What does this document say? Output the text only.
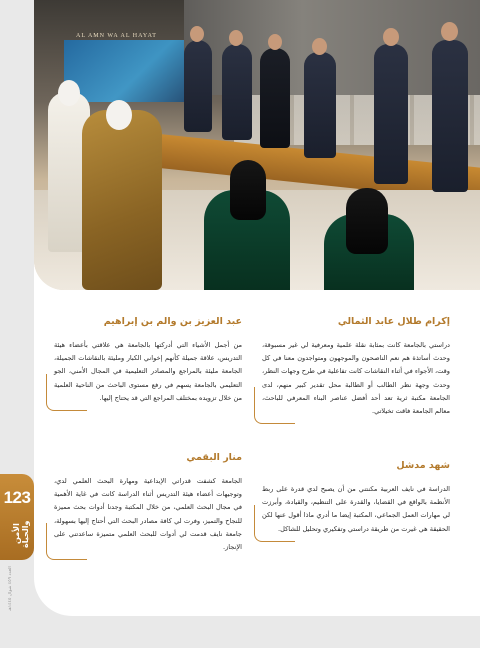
AL AMN WA AL HAYAT
إكرام طلال عابد الثمالي

دراستي بالجامعة كانت بمثابة نقلة علمية ومعرفية لي غير مسبوقة، وحدث أساتذة هم نعم الناصحون والموجهون ومتواجدون معنا في كل وقت، الأجواء في أثناء النقاشات كانت تفاعلية في طرح وجهات النظر، وحدث وجهة نظر الطالب أو الطالبة محل تقدير كبير منهم، لدى الجامعة مكتبة ثرية تعد أحد أفضل عناصر البناء المعرفي للباحث، معالم الجامعة فاقت تخيلاتي.

عبد العزيز بن والم بن إبراهيم

من أجمل الأشياء التي أدركتها بالجامعة هي علاقتي بأعضاء هيئة التدريس، علاقة جميلة كأنهم إخواني الكبار ومليئة بالنقاشات الجميلة، الجامعة مليئة بالمراجع والمصادر التعليمية في المجال الأمني، الجو التعليمي بالجامعة يسهم في رفع مستوى الباحث من الناحية العلمية من خلال تزويده بمختلف المراجع التي قد يحتاج إليها.

شهد مدشل

الدراسة في نايف العربية مكنتني من أن يصبح لدي قدرة على ربط الأنظمة بالواقع في القضايا، والقدرة على التنظيم، والقيادة، وأبرزت لي مهارات العمل الجماعي، المكتبة إيضا ما أدري ماذا أقول عنها لكن الحقيقة هي غيرت من طريقة دراستي وتفكيري وتحليل للشاكل.

منار البقمي

الجامعة كشفت قدراتي الإبداعية ومهارة البحث العلمي لدي، وتوجيهات أعضاء هيئة التدريس أثناء الدراسة كانت في غاية الأهمية في مجال البحث العلمي، من خلال المكتبة وجدنا أدوات بحث مميزة للنجاح والتميز، وفرت لي كافة مصادر البحث التي أحتاج إليها بسهولة، جامعة نايف قدمت لي أدوات للبحث العلمي متميزة ساعدتني على الإنجاز.

123
الأمن والحياة
العدد ٤٥٩ شوال ١٤٤٥هـ
